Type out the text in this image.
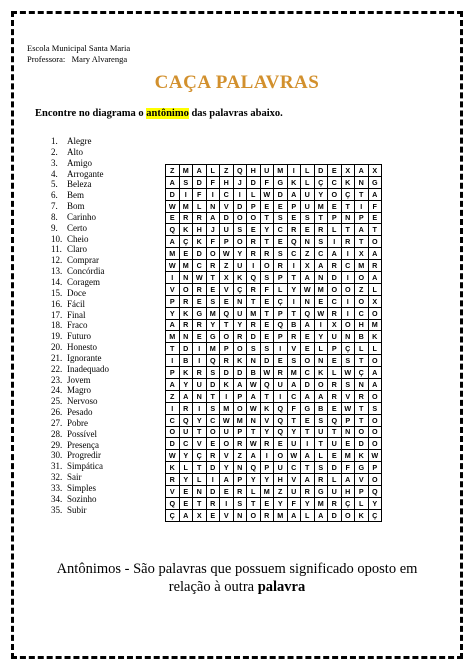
Escola Municipal Santa Maria
Professora: Mary Alvarenga
CAÇA PALAVRAS
Encontre no diagrama o antônimo das palavras abaixo.
1. Alegre
2. Alto
3. Amigo
4. Arrogante
5. Beleza
6. Bem
7. Bom
8. Carinho
9. Certo
10. Cheio
11. Claro
12. Comprar
13. Concórdia
14. Coragem
15. Doce
16. Fácil
17. Final
18. Fraco
19. Futuro
20. Honesto
21. Ignorante
22. Inadequado
23. Jovem
24. Magro
25. Nervoso
26. Pesado
27. Pobre
28. Possível
29. Presença
30. Progredir
31. Simpática
32. Sair
33. Simples
34. Sozinho
35. Subir
Z	M	A	L	Z	Q	H	U	M	I	L	D	E	X	A	X
A	S	D	F	H	J	D	F	G	K	L	Ç	C	K	N	G
D	I	F	I	C	I	L	W	D	A	U	Y	O	Ç	T	A
W	M	L	N	V	D	P	E	E	P	U	M	E	T	I	F
E	R	R	A	D	O	O	T	S	E	S	T	P	N	P	E
Q	K	H	J	U	S	E	Y	C	R	E	R	L	T	A	T
A	Ç	K	F	P	O	R	T	E	Q	N	S	I	R	T	O
M	E	D	O	W	Y	R	R	S	C	Z	C	A	I	X	A
W	M	C	R	Z	U	I	O	R	I	X	A	R	C	M	R
I	N	W	T	X	K	Q	S	P	T	A	N	D	I	O	A
V	O	R	E	V	Ç	R	F	L	Y	W	M	O	O	Z	L
P	R	E	S	E	N	T	E	Ç	I	N	E	C	I	O	X
Y	K	G	M	Q	U	M	T	P	T	Q	W	R	I	C	O
A	R	R	Y	T	Y	R	E	Q	B	A	I	X	O	H	M
M	N	E	G	O	R	D	E	P	R	E	Y	U	N	B	K
T	D	I	M	P	O	S	S	I	V	E	L	P	Ç	L	L
I	B	I	Q	R	K	N	D	E	S	O	N	E	S	T	O
P	K	R	S	D	D	B	W	R	M	C	K	L	W	Ç	A
A	Y	U	D	K	A	W	Q	U	A	D	O	R	S	N	A
Z	A	N	T	I	P	A	T	I	C	A	A	R	V	R	O
I	R	I	S	M	O	W	K	Q	F	G	B	E	W	T	S
C	Q	Y	C	W	M	N	V	Q	T	E	S	Q	P	T	O
O	U	T	O	U	P	T	Y	Q	Y	T	U	T	N	O	O
D	C	V	E	O	R	W	R	E	U	I	T	U	E	D	O
W	Y	Ç	R	V	Z	A	I	O	W	A	L	E	M	K	W
K	L	T	D	Y	N	Q	P	U	C	T	S	D	F	G	P
R	Y	L	I	A	P	Y	Y	H	V	A	R	L	A	V	O
V	E	N	D	E	R	L	M	Z	U	R	G	U	H	P	Q
Q	E	T	R	I	S	T	E	Y	F	Y	M	R	Ç	L	Y
Ç	A	X	E	V	N	O	R	M	A	L	A	D	O	K	Ç
Antônimos - São palavras que possuem significado oposto em
relação à outra palavra
